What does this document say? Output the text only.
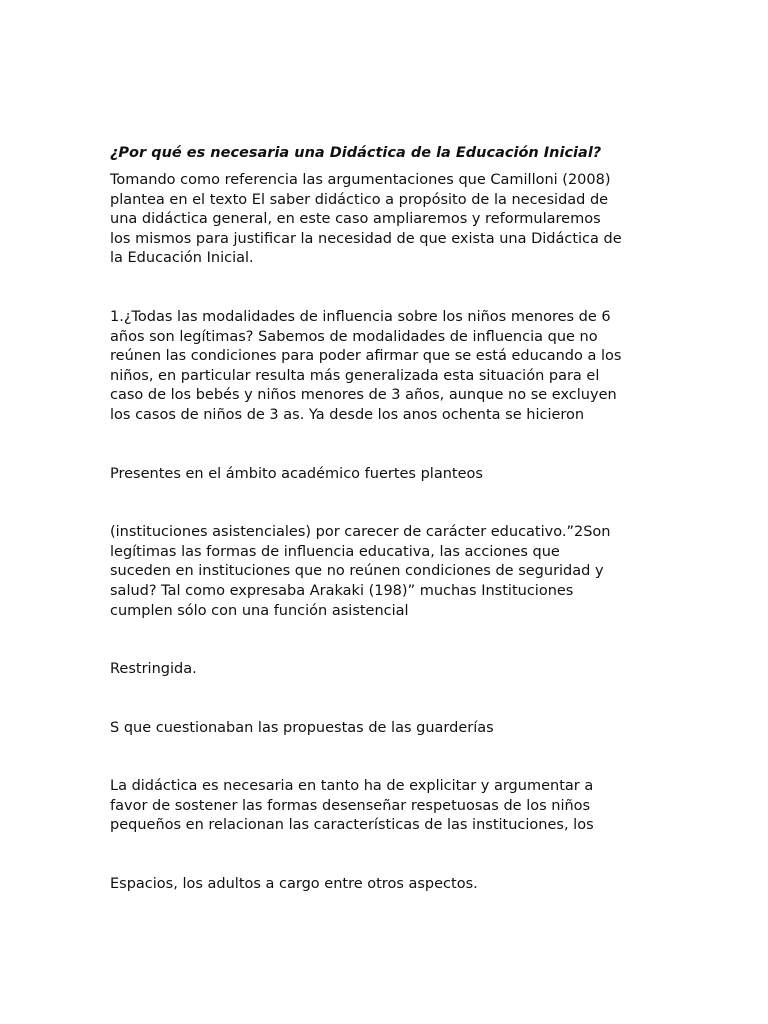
¿Por qué es necesaria una Didáctica de la Educación Inicial?

Tomando como referencia las argumentaciones que Camilloni (2008)
plantea en el texto El saber didáctico a propósito de la necesidad de
una didáctica general, en este caso ampliaremos y reformularemos
los mismos para justificar la necesidad de que exista una Didáctica de
la Educación Inicial.

1.¿Todas las modalidades de influencia sobre los niños menores de 6
años son legítimas? Sabemos de modalidades de influencia que no
reúnen las condiciones para poder afirmar que se está educando a los
niños, en particular resulta más generalizada esta situación para el
caso de los bebés y niños menores de 3 años, aunque no se excluyen
los casos de niños de 3 as. Ya desde los anos ochenta se hicieron

Presentes en el ámbito académico fuertes planteos

(instituciones asistenciales) por carecer de carácter educativo.”2Son
legítimas las formas de influencia educativa, las acciones que
suceden en instituciones que no reúnen condiciones de seguridad y
salud? Tal como expresaba Arakaki (198)” muchas Instituciones
cumplen sólo con una función asistencial

Restringida.

S que cuestionaban las propuestas de las guarderías

La didáctica es necesaria en tanto ha de explicitar y argumentar a
favor de sostener las formas desenseñar respetuosas de los niños
pequeños en relacionan las características de las instituciones, los

Espacios, los adultos a cargo entre otros aspectos.
